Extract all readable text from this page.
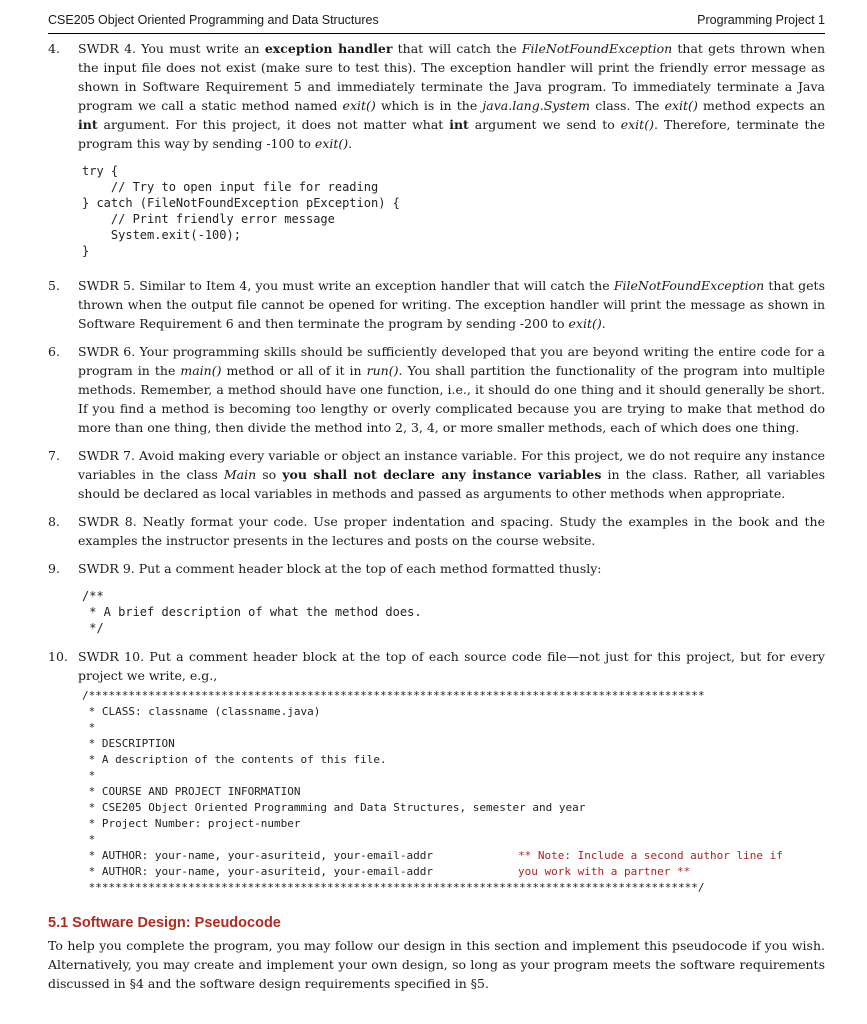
CSE205 Object Oriented Programming and Data Structures	Programming Project 1
4.	SWDR 4. You must write an exception handler that will catch the FileNotFoundException that gets thrown when the input file does not exist (make sure to test this). The exception handler will print the friendly error message as shown in Software Requirement 5 and immediately terminate the Java program. To immediately terminate a Java program we call a static method named exit() which is in the java.lang.System class. The exit() method expects an int argument. For this project, it does not matter what int argument we send to exit(). Therefore, terminate the program this way by sending -100 to exit().
try {
// Try to open input file for reading
} catch (FileNotFoundException pException) {
// Print friendly error message
System.exit(-100);
}
5.	SWDR 5. Similar to Item 4, you must write an exception handler that will catch the FileNotFoundException that gets thrown when the output file cannot be opened for writing. The exception handler will print the message as shown in Software Requirement 6 and then terminate the program by sending -200 to exit().
6.	SWDR 6. Your programming skills should be sufficiently developed that you are beyond writing the entire code for a program in the main() method or all of it in run(). You shall partition the functionality of the program into multiple methods. Remember, a method should have one function, i.e., it should do one thing and it should generally be short. If you find a method is becoming too lengthy or overly complicated because you are trying to make that method do more than one thing, then divide the method into 2, 3, 4, or more smaller methods, each of which does one thing.
7.	SWDR 7. Avoid making every variable or object an instance variable. For this project, we do not require any instance variables in the class Main so you shall not declare any instance variables in the class. Rather, all variables should be declared as local variables in methods and passed as arguments to other methods when appropriate.
8.	SWDR 8. Neatly format your code. Use proper indentation and spacing. Study the examples in the book and the examples the instructor presents in the lectures and posts on the course website.
9.	SWDR 9. Put a comment header block at the top of each method formatted thusly:
/**
* A brief description of what the method does.
*/
10. SWDR 10. Put a comment header block at the top of each source code file—not just for this project, but for every project we write, e.g.,
/*********************************************************************************************
* CLASS: classname (classname.java)
*
* DESCRIPTION
* A description of the contents of this file.
*
* COURSE AND PROJECT INFORMATION
* CSE205 Object Oriented Programming and Data Structures, semester and year
* Project Number: project-number
*
* AUTHOR: your-name, your-asuriteid, your-email-addr	** Note: Include a second author line if
* AUTHOR: your-name, your-asuriteid, your-email-addr	you work with a partner **
********************************************************************************************/
5.1 Software Design: Pseudocode
To help you complete the program, you may follow our design in this section and implement this pseudocode if you wish. Alternatively, you may create and implement your own design, so long as your program meets the software requirements discussed in §4 and the software design requirements specified in §5.
